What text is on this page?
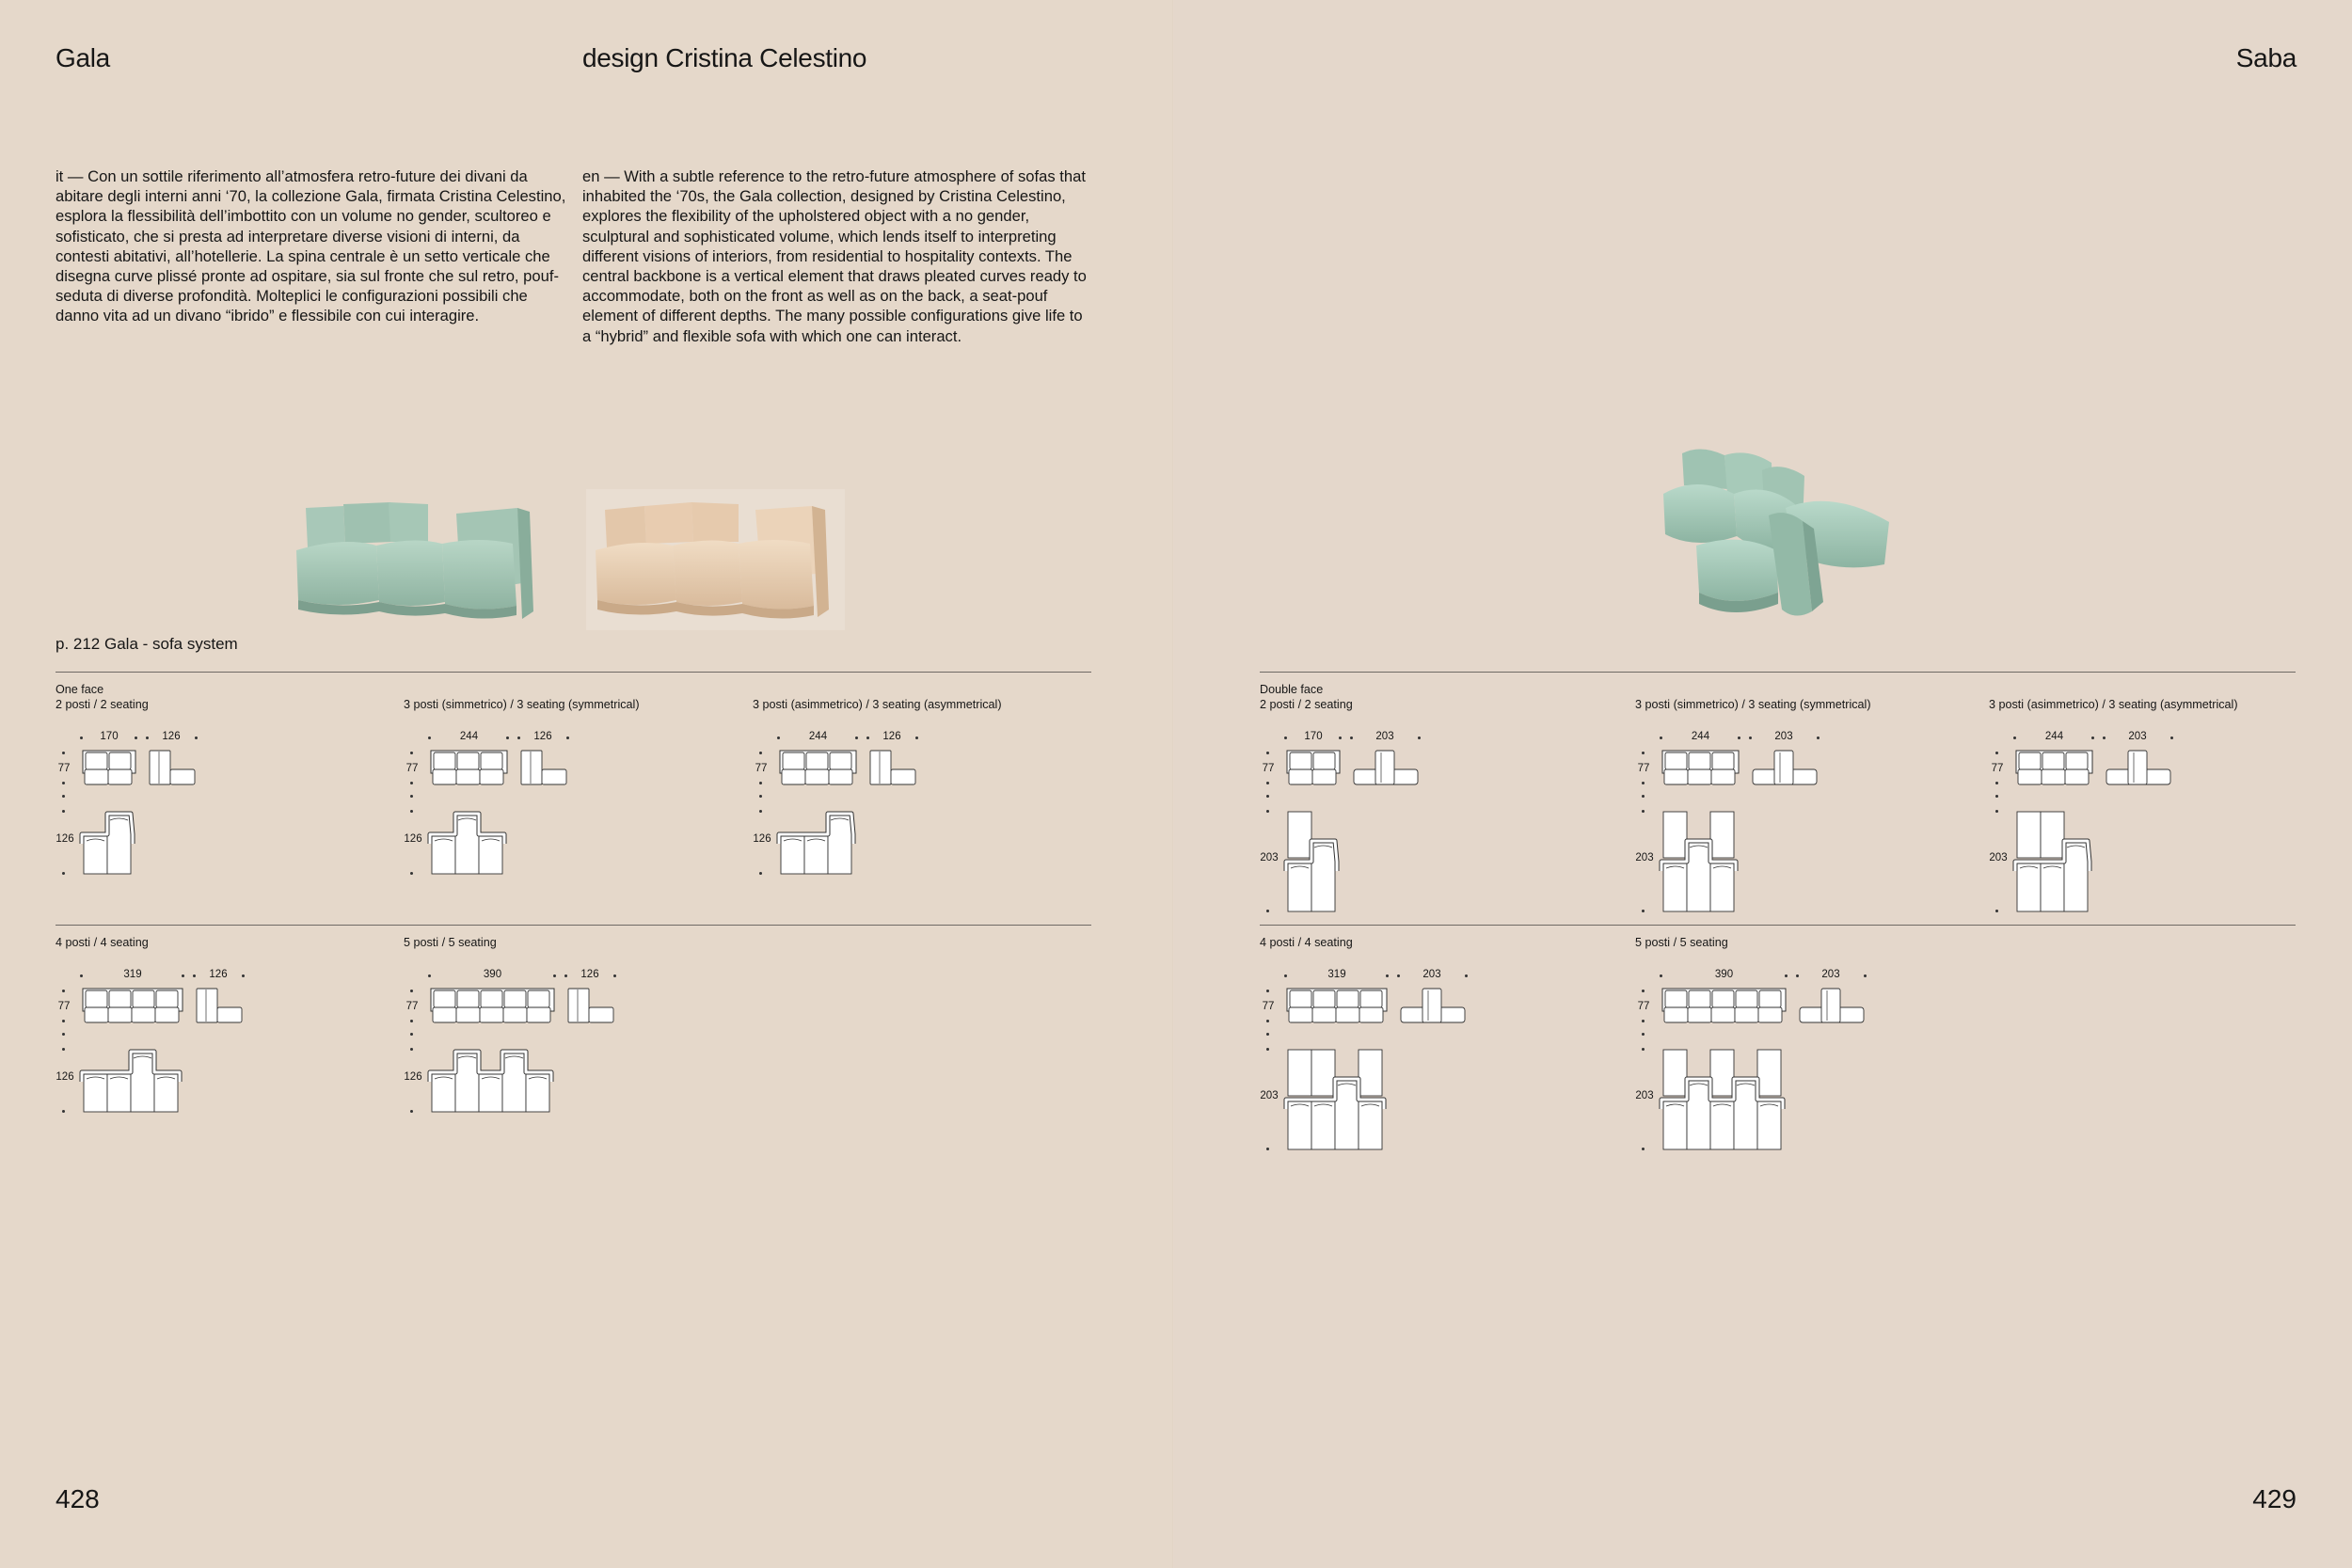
Gala	design Cristina Celestino
it — Con un sottile riferimento all’atmosfera retro-future dei divani da abitare degli interni anni ‘70, la collezione Gala, firmata Cristina Celestino, esplora la flessibilità dell’imbottito con un volume no gender, scultoreo e sofisticato, che si presta ad interpretare diverse visioni di interni, da contesti abitativi, all’hotellerie. La spina centrale è un setto verticale che disegna curve plissé pronte ad ospitare, sia sul fronte che sul retro, pouf-seduta di diverse profondità. Molteplici le configurazioni possibili che danno vita ad un divano “ibrido” e flessibile con cui interagire.
en — With a subtle reference to the retro-future atmosphere of sofas that inhabited the ‘70s, the Gala collection, designed by Cristina Celestino, explores the flexibility of the upholstered object with a no gender, sculptural and sophisticated volume, which lends itself to interpreting different visions of interiors, from residential to hospitality contexts. The central backbone is a vertical element that draws pleated curves ready to accommodate, both on the front as well as on the back, a seat-pouf element of different depths. The many possible configurations give life to a “hybrid” and flexible sofa with which one can interact.
p. 212 Gala - sofa system
One face
2 posti / 2 seating
170	126
77
126
3 posti (simmetrico) / 3 seating (symmetrical)
244	126
77
126
3 posti (asimmetrico) / 3 seating (asymmetrical)
244	126
77
126
4 posti / 4 seating
319	126
77
126
5 posti / 5 seating
390	126
77
126
428
Saba
Double face
2 posti / 2 seating
170	203
77
203
3 posti (simmetrico) / 3 seating (symmetrical)
244	203
77
203
3 posti (asimmetrico) / 3 seating (asymmetrical)
244	203
77
203
4 posti / 4 seating
319	203
77
203
5 posti / 5 seating
390	203
77
203
429
